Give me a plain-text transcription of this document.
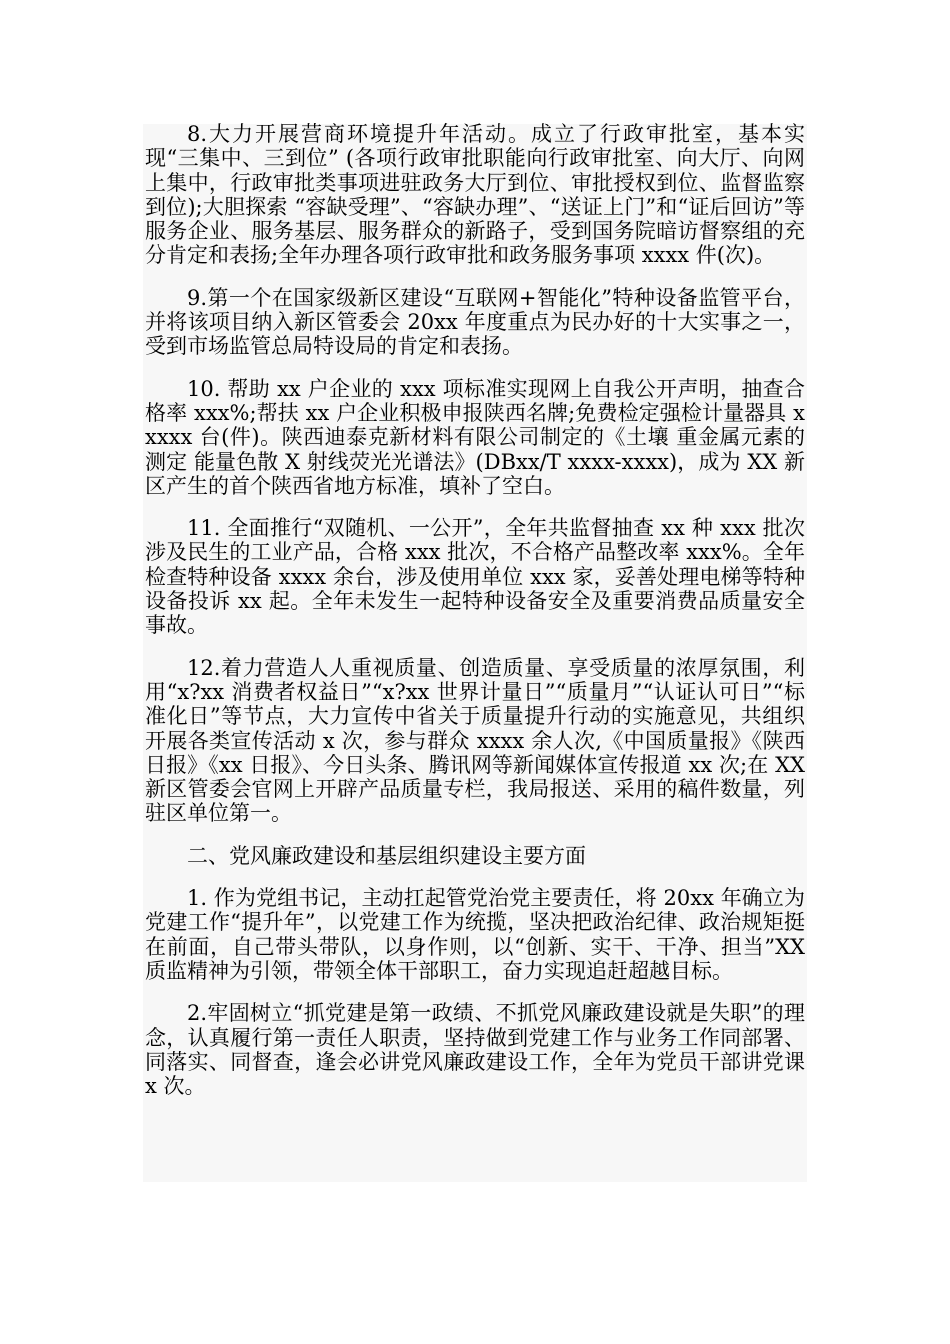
8.大力开展营商环境提升年活动。成立了行政审批室，基本实现“三集中、三到位” (各项行政审批职能向行政审批室、向大厅、向网上集中，行政审批类事项进驻政务大厅到位、审批授权到位、监督监察到位);大胆探索 “容缺受理”、“容缺办理”、“送证上门”和“证后回访”等服务企业、服务基层、服务群众的新路子，受到国务院暗访督察组的充分肯定和表扬;全年办理各项行政审批和政务服务事项 xxxx 件(次)。

9.第一个在国家级新区建设“互联网+智能化”特种设备监管平台，并将该项目纳入新区管委会 20xx 年度重点为民办好的十大实事之一，受到市场监管总局特设局的肯定和表扬。

10. 帮助 xx 户企业的 xxx 项标准实现网上自我公开声明，抽查合格率 xxx%;帮扶 xx 户企业积极申报陕西名牌;免费检定强检计量器具 xxxxx 台(件)。陕西迪泰克新材料有限公司制定的《土壤 重金属元素的测定 能量色散 X 射线荧光光谱法》(DBxx/T xxxx-xxxx)，成为 XX 新区产生的首个陕西省地方标准，填补了空白。

11. 全面推行“双随机、一公开”，全年共监督抽查 xx 种 xxx 批次涉及民生的工业产品，合格 xxx 批次，不合格产品整改率 xxx%。全年检查特种设备 xxxx 余台，涉及使用单位 xxx 家，妥善处理电梯等特种设备投诉 xx 起。全年未发生一起特种设备安全及重要消费品质量安全事故。

12.着力营造人人重视质量、创造质量、享受质量的浓厚氛围，利用“x?xx 消费者权益日”“x?xx 世界计量日”“质量月”“认证认可日”“标准化日”等节点，大力宣传中省关于质量提升行动的实施意见，共组织开展各类宣传活动 x 次，参与群众 xxxx 余人次,《中国质量报》《陕西日报》《xx 日报》、今日头条、腾讯网等新闻媒体宣传报道 xx 次;在 XX 新区管委会官网上开辟产品质量专栏，我局报送、采用的稿件数量，列驻区单位第一。

二、党风廉政建设和基层组织建设主要方面

1. 作为党组书记，主动扛起管党治党主要责任，将 20xx 年确立为党建工作“提升年”，以党建工作为统揽，坚决把政治纪律、政治规矩挺在前面，自己带头带队，以身作则，以“创新、实干、干净、担当”XX 质监精神为引领，带领全体干部职工，奋力实现追赶超越目标。

2.牢固树立“抓党建是第一政绩、不抓党风廉政建设就是失职”的理念，认真履行第一责任人职责，坚持做到党建工作与业务工作同部署、同落实、同督查，逢会必讲党风廉政建设工作，全年为党员干部讲党课 x 次。
